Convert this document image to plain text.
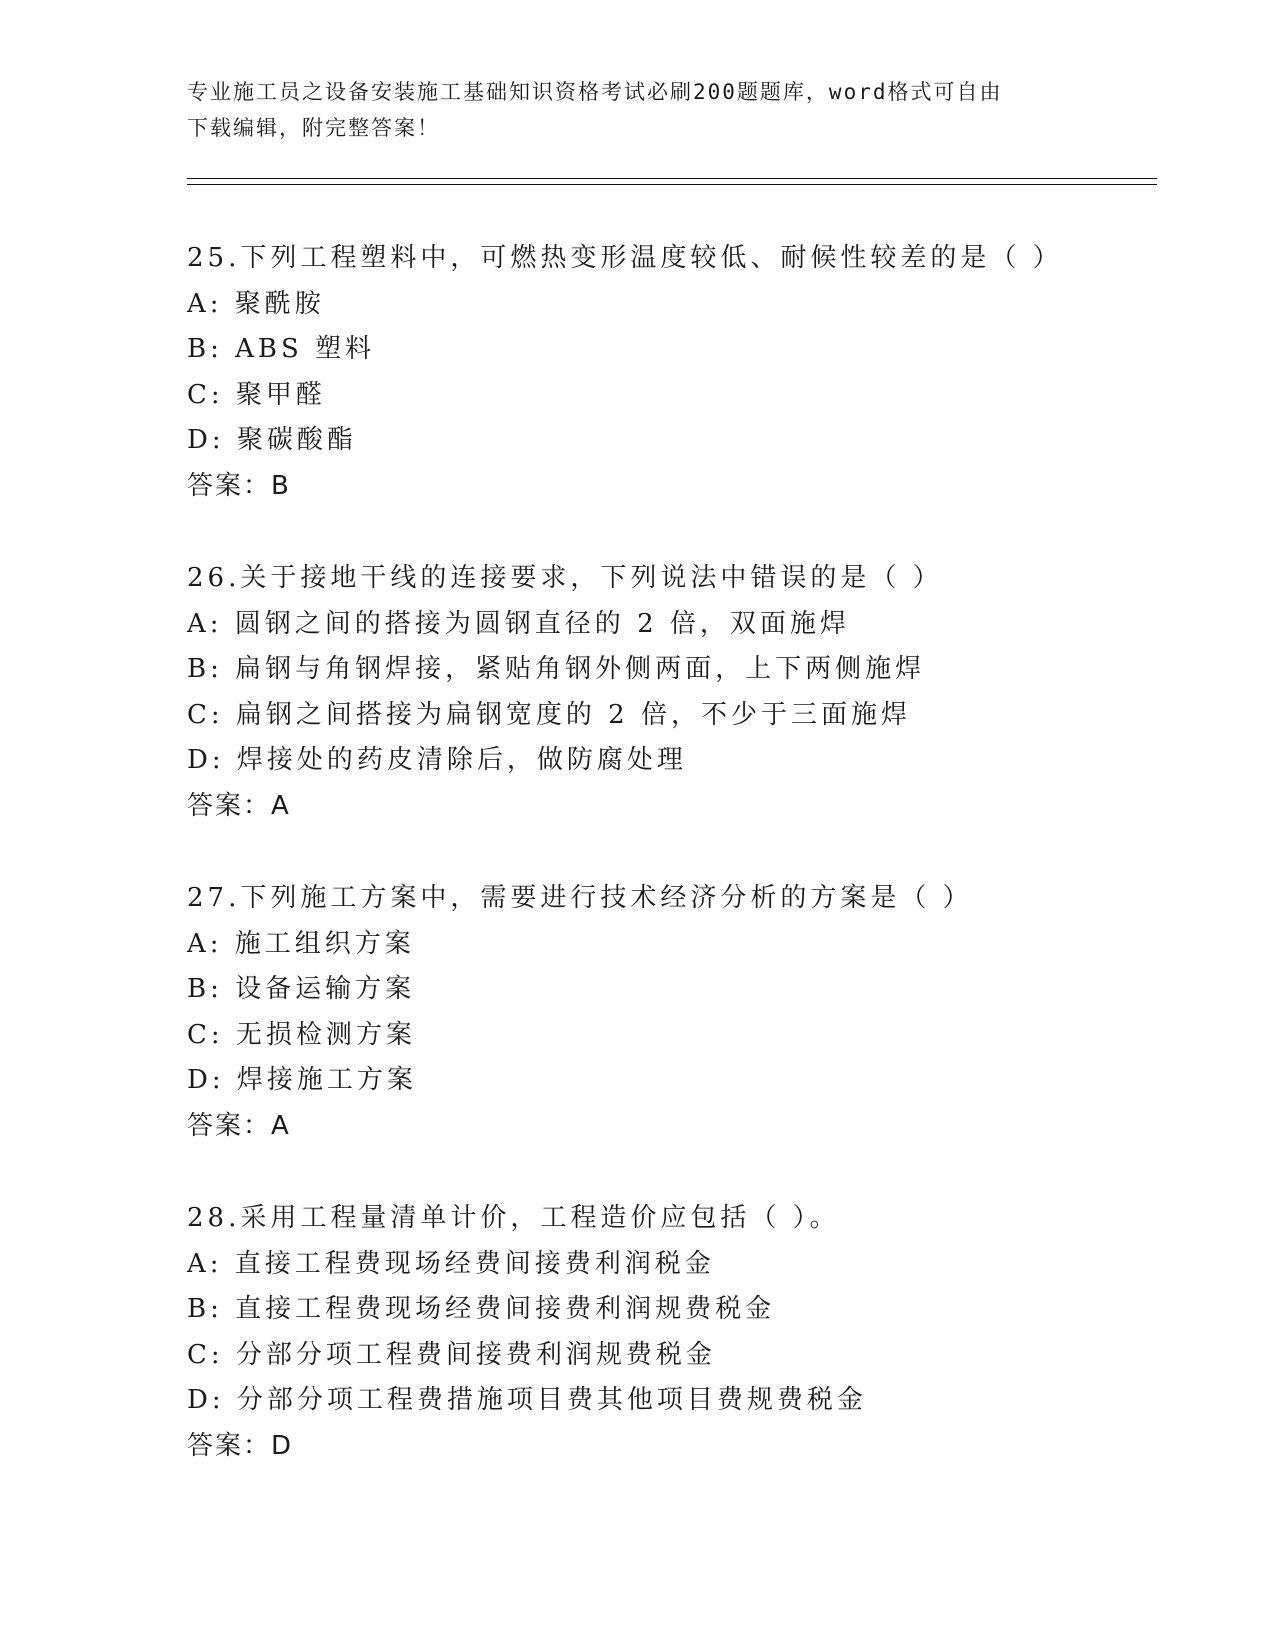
专业施工员之设备安装施工基础知识资格考试必刷200题题库，word格式可自由
下载编辑，附完整答案！
25.下列工程塑料中，可燃热变形温度较低、耐候性较差的是（ ）
A: 聚酰胺
B: ABS 塑料
C: 聚甲醛
D: 聚碳酸酯
答案：B
26.关于接地干线的连接要求，下列说法中错误的是（ ）
A: 圆钢之间的搭接为圆钢直径的 2 倍，双面施焊
B: 扁钢与角钢焊接，紧贴角钢外侧两面，上下两侧施焊
C: 扁钢之间搭接为扁钢宽度的 2 倍，不少于三面施焊
D: 焊接处的药皮清除后，做防腐处理
答案：A
27.下列施工方案中，需要进行技术经济分析的方案是（ ）
A: 施工组织方案
B: 设备运输方案
C: 无损检测方案
D: 焊接施工方案
答案：A
28.采用工程量清单计价，工程造价应包括（ ）。
A: 直接工程费现场经费间接费利润税金
B: 直接工程费现场经费间接费利润规费税金
C: 分部分项工程费间接费利润规费税金
D: 分部分项工程费措施项目费其他项目费规费税金
答案：D
